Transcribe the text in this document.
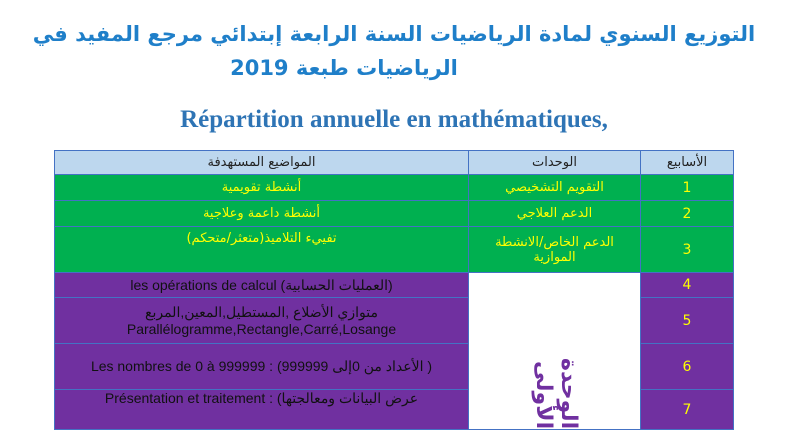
التوزيع السنوي لمادة الرياضيات السنة الرابعة إبتدائي مرجع المفيد في
الرياضيات طبعة 2019
Répartition annuelle en mathématiques,
المواضيع المستهدفة	الوحدات	الأسابيع
أنشطة تقويمية	التقويم التشخيصي	1
أنشطة داعمة وعلاجية	الدعم العلاجي	2
تفييء التلاميذ(متعثر/متحكم)	الدعم الخاص/الانشطة الموازية	3
les opérations de calcul (العمليات الحسابية)	الوحدة الأولى	4
متوازي الأضلاع ,المستطيل,المعين,المربع Parallélogramme,Rectangle,Carré,Losange		5
Les nombres de 0 à 999999 : (الأعداد من 0إلى 999999 )		6
Présentation et traitement : (عرض البيانات ومعالجتها		7
